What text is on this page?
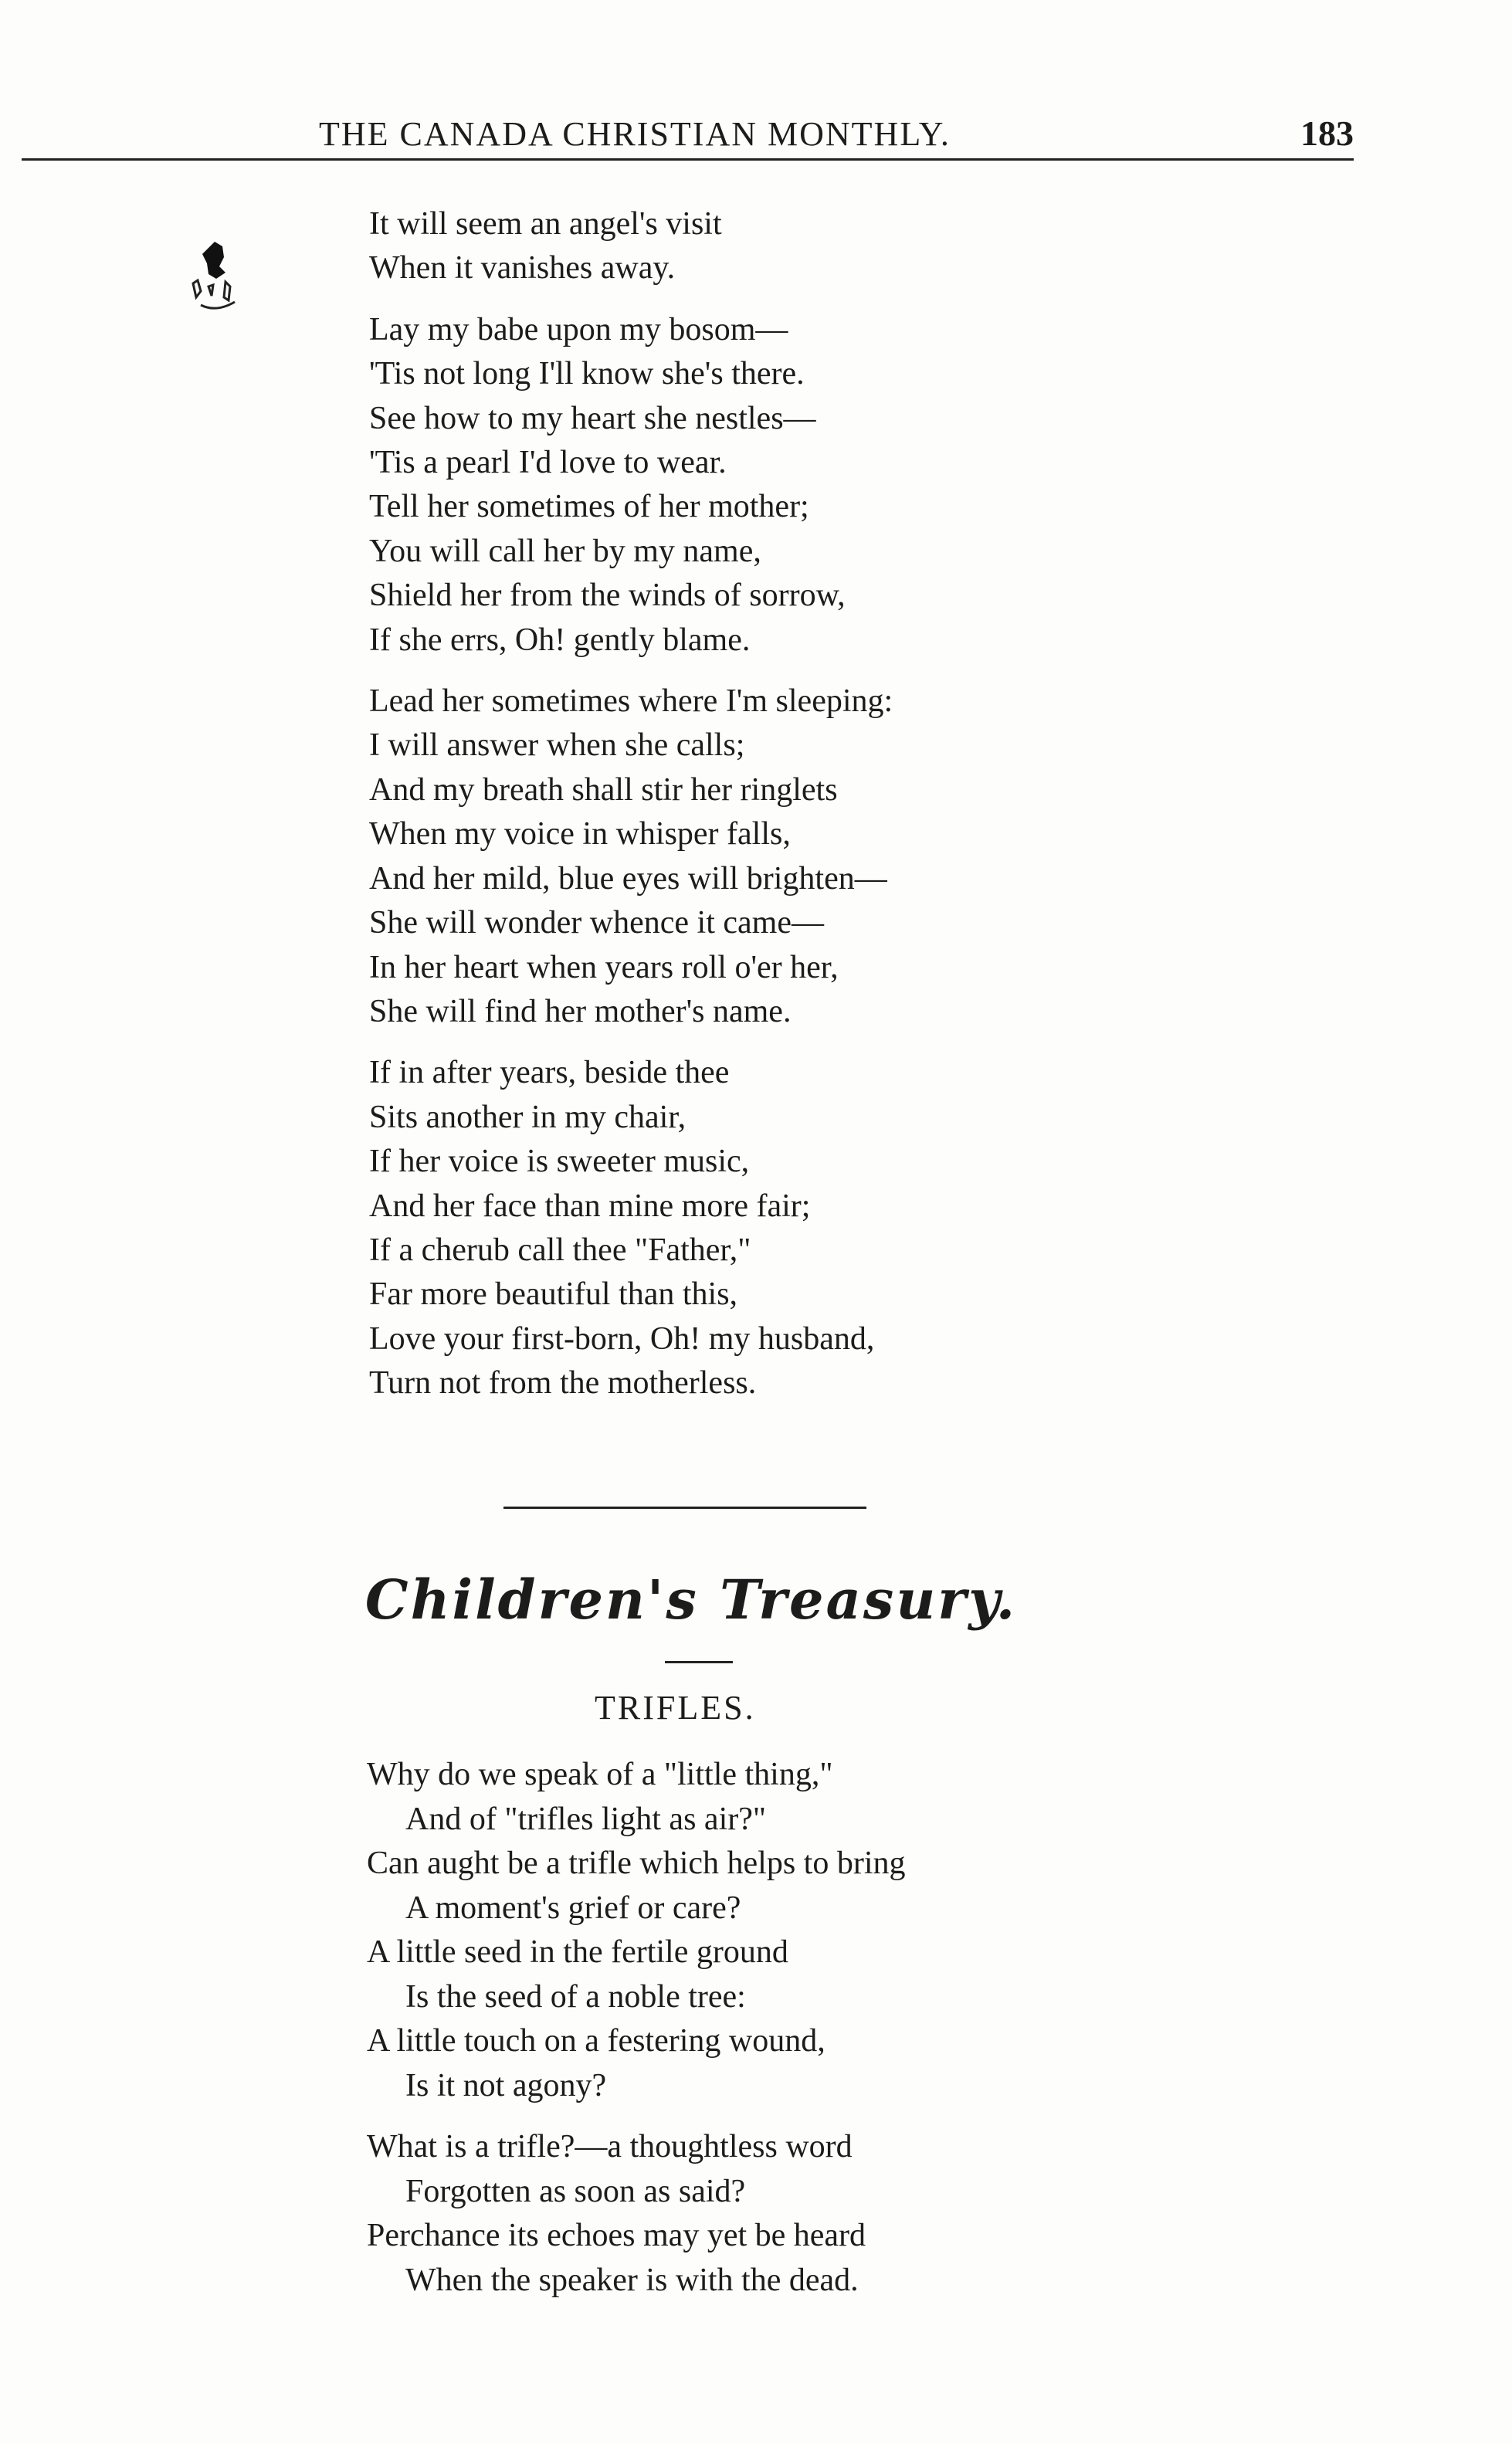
THE CANADA CHRISTIAN MONTHLY.	183
It will seem an angel's visit
When it vanishes away.
Lay my babe upon my bosom—
'Tis not long I'll know she's there.
See how to my heart she nestles—
'Tis a pearl I'd love to wear.
Tell her sometimes of her mother;
You will call her by my name,
Shield her from the winds of sorrow,
If she errs, Oh! gently blame.
Lead her sometimes where I'm sleeping:
I will answer when she calls;
And my breath shall stir her ringlets
When my voice in whisper falls,
And her mild, blue eyes will brighten—
She will wonder whence it came—
In her heart when years roll o'er her,
She will find her mother's name.
If in after years, beside thee
Sits another in my chair,
If her voice is sweeter music,
And her face than mine more fair;
If a cherub call thee "Father,"
Far more beautiful than this,
Love your first-born, Oh! my husband,
Turn not from the motherless.
Children's Treasury.
TRIFLES.
Why do we speak of a "little thing,"
And of "trifles light as air?"
Can aught be a trifle which helps to bring
A moment's grief or care?
A little seed in the fertile ground
Is the seed of a noble tree:
A little touch on a festering wound,
Is it not agony?
What is a trifle?—a thoughtless word
Forgotten as soon as said?
Perchance its echoes may yet be heard
When the speaker is with the dead.
